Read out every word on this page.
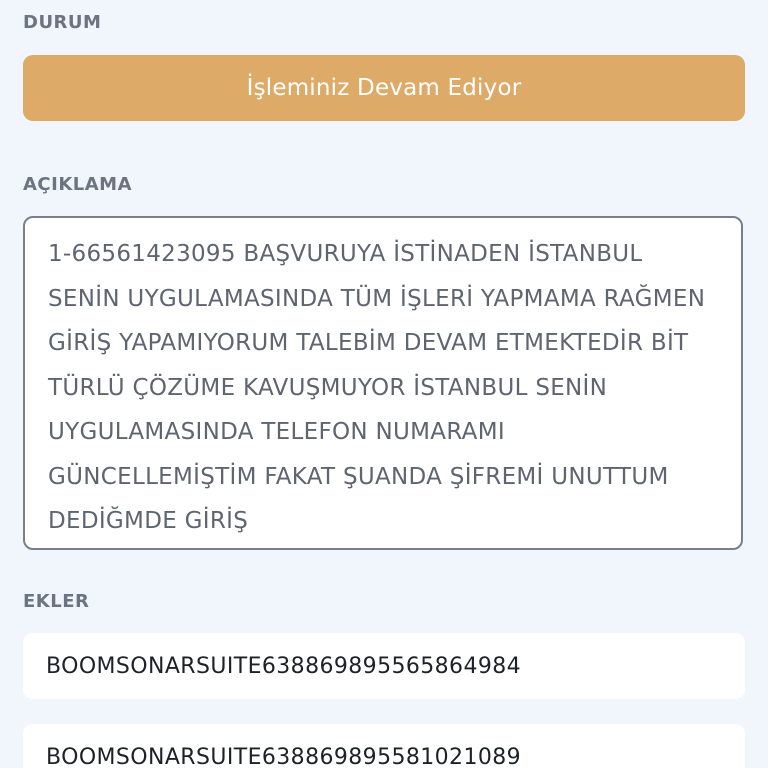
DURUM
İşleminiz Devam Ediyor
AÇIKLAMA

1-66561423095 BAŞVURUYA İSTİNADEN İSTANBUL SENİN UYGULAMASINDA TÜM İŞLERİ YAPMAMA RAĞMEN GİRİŞ YAPAMIYORUM TALEBİM DEVAM ETMEKTEDİR BİT TÜRLÜ ÇÖZÜME KAVUŞMUYOR İSTANBUL SENİN UYGULAMASINDA TELEFON NUMARAMI GÜNCELLEMİŞTİM FAKAT ŞUANDA ŞİFREMİ UNUTTUM DEDİĞMDE GİRİŞ

EKLER
BOOMSONARSUITE638869895565864984
BOOMSONARSUITE638869895581021089
